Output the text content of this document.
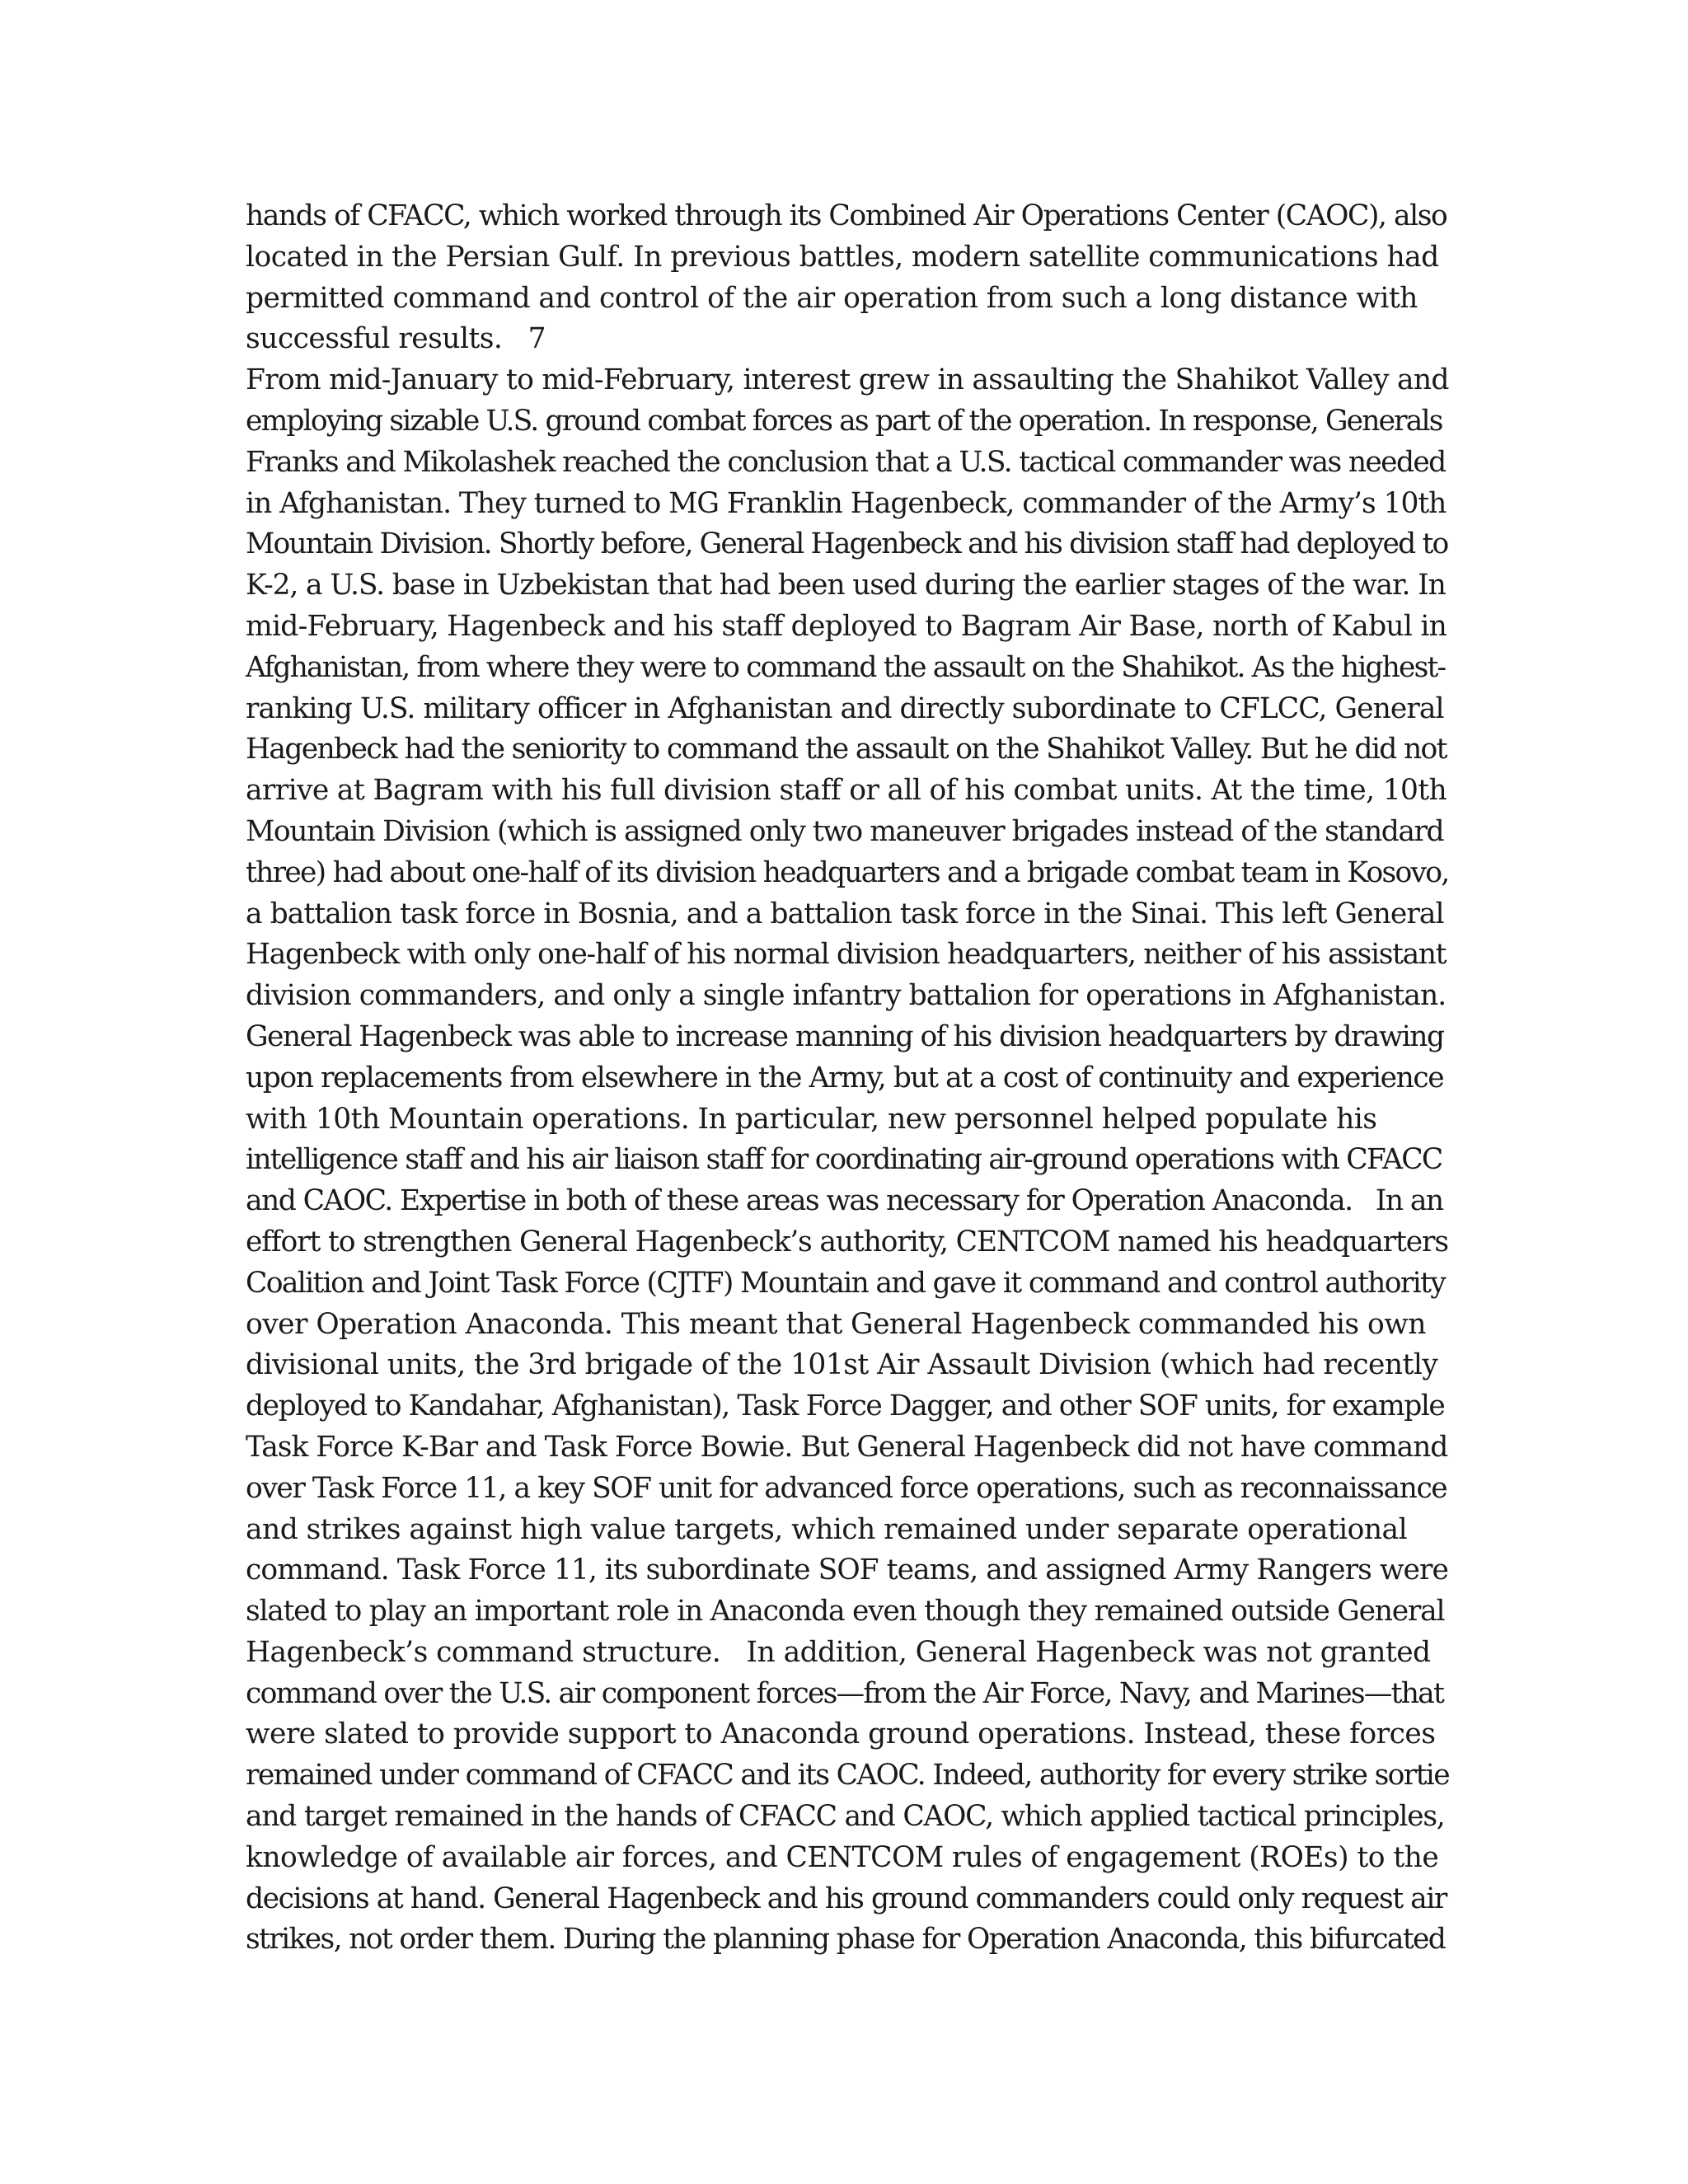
hands of CFACC, which worked through its Combined Air Operations Center (CAOC), also
located in the Persian Gulf. In previous battles, modern satellite communications had
permitted command and control of the air operation from such a long distance with
successful results.   7
From mid-January to mid-February, interest grew in assaulting the Shahikot Valley and
employing sizable U.S. ground combat forces as part of the operation. In response, Generals
Franks and Mikolashek reached the conclusion that a U.S. tactical commander was needed
in Afghanistan. They turned to MG Franklin Hagenbeck, commander of the Army’s 10th
Mountain Division. Shortly before, General Hagenbeck and his division staff had deployed to
K-2, a U.S. base in Uzbekistan that had been used during the earlier stages of the war. In
mid-February, Hagenbeck and his staff deployed to Bagram Air Base, north of Kabul in
Afghanistan, from where they were to command the assault on the Shahikot. As the highest-
ranking U.S. military officer in Afghanistan and directly subordinate to CFLCC, General
Hagenbeck had the seniority to command the assault on the Shahikot Valley. But he did not
arrive at Bagram with his full division staff or all of his combat units. At the time, 10th
Mountain Division (which is assigned only two maneuver brigades instead of the standard
three) had about one-half of its division headquarters and a brigade combat team in Kosovo,
a battalion task force in Bosnia, and a battalion task force in the Sinai. This left General
Hagenbeck with only one-half of his normal division headquarters, neither of his assistant
division commanders, and only a single infantry battalion for operations in Afghanistan.
General Hagenbeck was able to increase manning of his division headquarters by drawing
upon replacements from elsewhere in the Army, but at a cost of continuity and experience
with 10th Mountain operations. In particular, new personnel helped populate his
intelligence staff and his air liaison staff for coordinating air-ground operations with CFACC
and CAOC. Expertise in both of these areas was necessary for Operation Anaconda.   In an
effort to strengthen General Hagenbeck’s authority, CENTCOM named his headquarters
Coalition and Joint Task Force (CJTF) Mountain and gave it command and control authority
over Operation Anaconda. This meant that General Hagenbeck commanded his own
divisional units, the 3rd brigade of the 101st Air Assault Division (which had recently
deployed to Kandahar, Afghanistan), Task Force Dagger, and other SOF units, for example
Task Force K-Bar and Task Force Bowie. But General Hagenbeck did not have command
over Task Force 11, a key SOF unit for advanced force operations, such as reconnaissance
and strikes against high value targets, which remained under separate operational
command. Task Force 11, its subordinate SOF teams, and assigned Army Rangers were
slated to play an important role in Anaconda even though they remained outside General
Hagenbeck’s command structure.   In addition, General Hagenbeck was not granted
command over the U.S. air component forces—from the Air Force, Navy, and Marines—that
were slated to provide support to Anaconda ground operations. Instead, these forces
remained under command of CFACC and its CAOC. Indeed, authority for every strike sortie
and target remained in the hands of CFACC and CAOC, which applied tactical principles,
knowledge of available air forces, and CENTCOM rules of engagement (ROEs) to the
decisions at hand. General Hagenbeck and his ground commanders could only request air
strikes, not order them. During the planning phase for Operation Anaconda, this bifurcated
